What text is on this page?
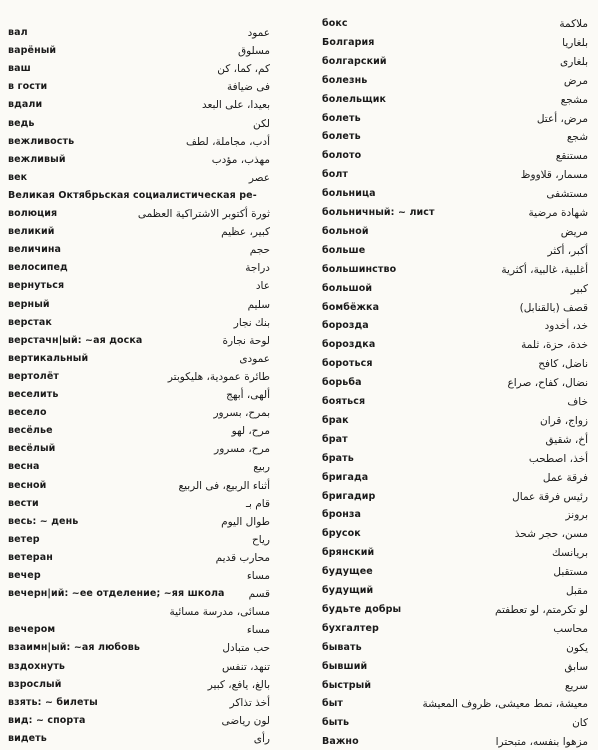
вал
варёный
ваш
в гости
вдали
ведь
вежливость
вежливый
век
Великая Октябрьская социалистическая ре-
волюция
великий
величина
велосипед
вернуться
верный
верстак
верстачн|ый: ~ая доска
вертикальный
вертолёт
веселить
весело
весёлье
весёлый
весна
весной
вести
весь: ~ день
ветер
ветеран
вечер
вечерн|ий: ~ее отделение; ~яя школа
вечером
взаимн|ый: ~ая любовь
вздохнуть
взрослый
взять: ~ билеты
вид: ~ спорта
видеть
عمود
مسلوق
كم، كما، كن
فى ضيافة
بعيدا، على البعد
لكن
أدب، مجاملة، لطف
مهذب، مؤدب
عصر
ثورة أكتوبر الاشتراكية العظمى
كبير، عظيم
حجم
دراجة
عاد
سليم
بنك نجار
لوحة نجارة
عمودى
طائرة عمودية، هليكوبتر
ألهى، أبهج
بمرح، بسرور
مرح، لهو
مرح، مسرور
ربيع
أثناء الربيع، فى الربيع
قام بـ
طوال اليوم
رياح
محارب قديم
مساء
قسم
مسائى، مدرسة مسائية
مساء
حب متبادل
تنهد، تنفس
بالغ، يافع، كبير
أخذ تذاكر
لون رياضى
رأى
бокс
Болгария
болгарский
болезнь
болельщик
болеть
болеть
болото
болт
больница
больничный: ~ лист
больной
больше
большинство
большой
бомбёжка
борозда
бороздка
бороться
борьба
бояться
брак
брат
брать
бригада
бригадир
бронза
брусок
брянский
будущее
будущий
будьте добры
бухгалтер
бывать
бывший
быстрый
быт
быть
Важно
ملاكمة
بلغاريا
بلغارى
مرض
مشجع
مرض، أعتل
شجع
مستنقع
مسمار، قلاووظ
مستشفى
شهادة مرضية
مريض
أكبر، أكثر
أغلبية، غالبية، أكثرية
كبير
قصف (بالقنابل)
خد، أخدود
خدة، حزة، ثلمة
ناضل، كافح
نضال، كفاح، صراع
خاف
زواج، قران
أخ، شقيق
أخذ، اصطحب
فرقة عمل
رئيس فرقة عمال
برونز
مسن، حجر شحذ
بريانسك
مستقبل
مقبل
لو تكرمتم، لو تعطفتم
محاسب
يكون
سابق
سريع
معيشة، نمط معيشى، ظروف المعيشة
كان
مزهوا بنفسه، متبحترا
